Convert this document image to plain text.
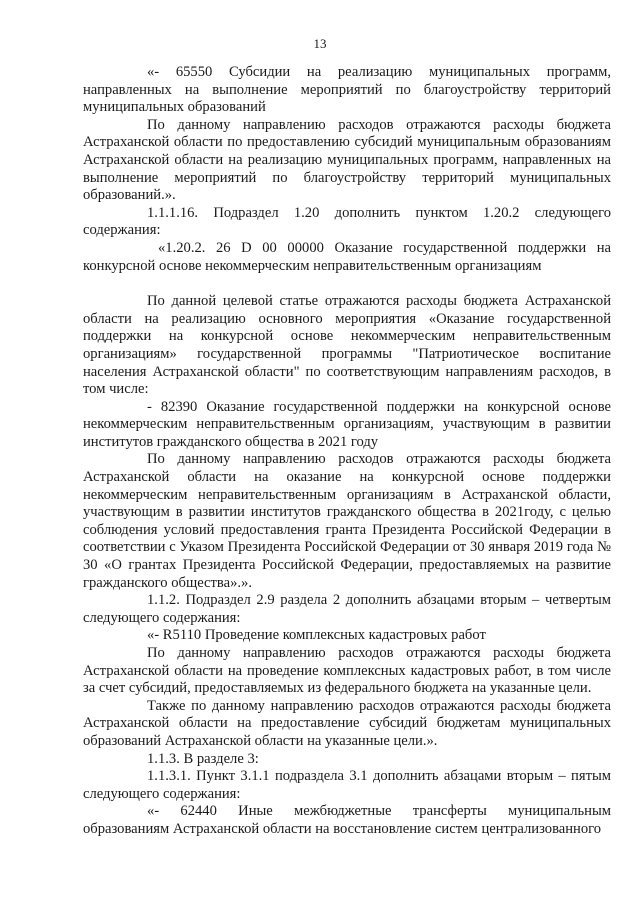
13

«- 65550 Субсидии на реализацию муниципальных программ, направленных на выполнение мероприятий по благоустройству территорий муниципальных образований

По данному направлению расходов отражаются расходы бюджета Астраханской области по предоставлению субсидий муниципальным образованиям Астраханской области на реализацию муниципальных программ, направленных на выполнение мероприятий по благоустройству территорий муниципальных образований.».

1.1.1.16. Подраздел 1.20 дополнить пунктом 1.20.2 следующего содержания:

«1.20.2. 26 D 00 00000 Оказание государственной поддержки на конкурсной основе некоммерческим неправительственным организациям

По данной целевой статье отражаются расходы бюджета Астраханской области на реализацию основного мероприятия «Оказание государственной поддержки на конкурсной основе некоммерческим неправительственным организациям» государственной программы "Патриотическое воспитание населения Астраханской области" по соответствующим направлениям расходов, в том числе:

- 82390 Оказание государственной поддержки на конкурсной основе некоммерческим неправительственным организациям, участвующим в развитии институтов гражданского общества в 2021 году

По данному направлению расходов отражаются расходы бюджета Астраханской области на оказание на конкурсной основе поддержки некоммерческим неправительственным организациям в Астраханской области, участвующим в развитии институтов гражданского общества в 2021году, с целью соблюдения условий предоставления гранта Президента Российской Федерации в соответствии с Указом Президента Российской Федерации от 30 января 2019 года № 30 «О грантах Президента Российской Федерации, предоставляемых на развитие гражданского общества».».

1.1.2. Подраздел 2.9 раздела 2 дополнить абзацами вторым – четвертым следующего содержания:

«- R5110 Проведение комплексных кадастровых работ

По данному направлению расходов отражаются расходы бюджета Астраханской области на проведение комплексных кадастровых работ, в том числе за счет субсидий, предоставляемых из федерального бюджета на указанные цели.

Также по данному направлению расходов отражаются расходы бюджета Астраханской области на предоставление субсидий бюджетам муниципальных образований Астраханской области на указанные цели.».

1.1.3. В разделе 3:

1.1.3.1. Пункт 3.1.1 подраздела 3.1 дополнить абзацами вторым – пятым следующего содержания:

«- 62440 Иные межбюджетные трансферты муниципальным образованиям Астраханской области на восстановление систем централизованного
